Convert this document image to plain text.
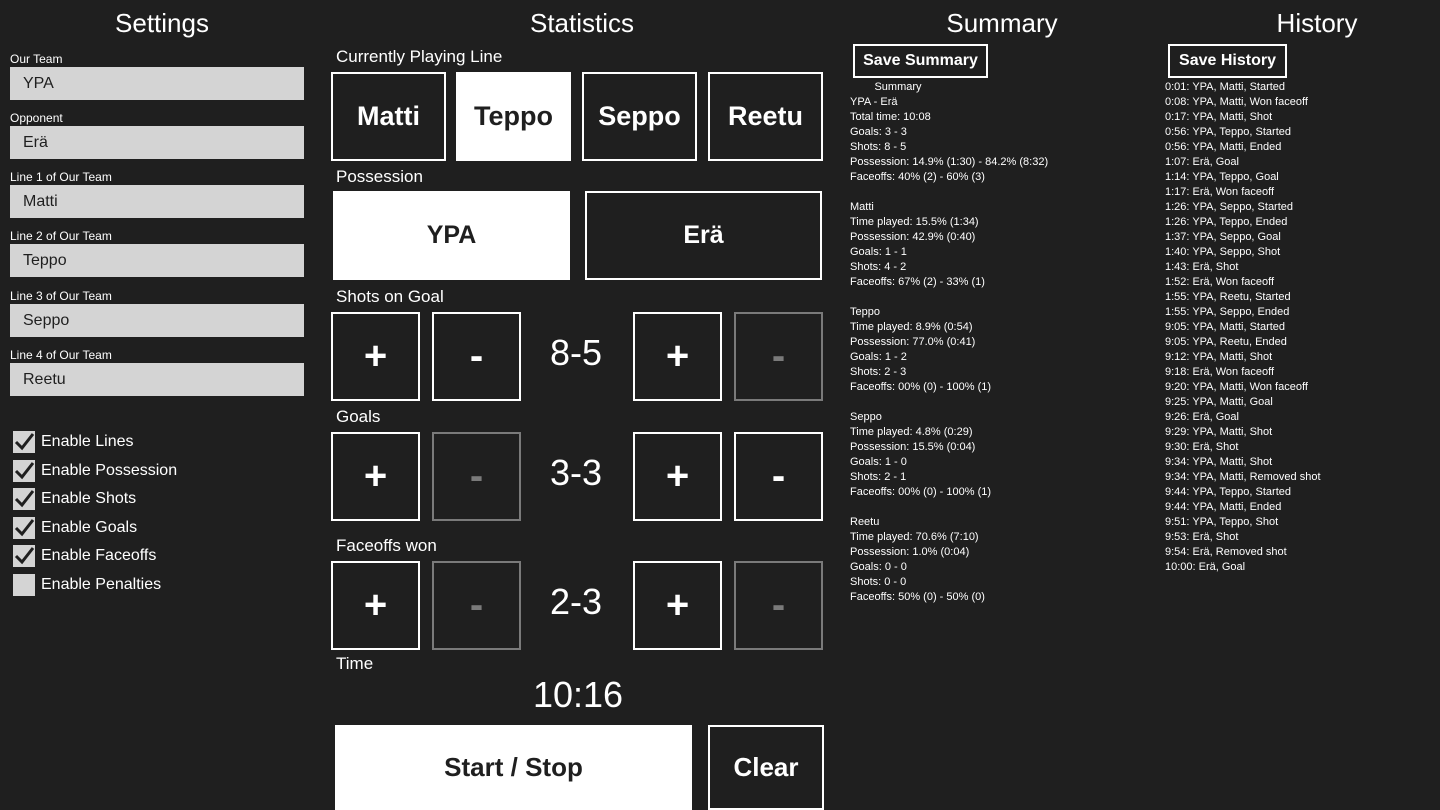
Settings	Statistics	Summary	History
Our Team
YPA
Opponent
Erä
Line 1 of Our Team
Matti
Line 2 of Our Team
Teppo
Line 3 of Our Team
Seppo
Line 4 of Our Team
Reetu
Enable Lines
Enable Possession
Enable Shots
Enable Goals
Enable Faceoffs
Enable Penalties
Currently Playing Line
Matti	Teppo	Seppo	Reetu
Possession
YPA	Erä
Shots on Goal
+	-	8-5	+	-
Goals
+	-	3-3	+	-
Faceoffs won
+	-	2-3	+	-
Time
10:16
Start / Stop	Clear
Save Summary
Summary
YPA - Erä
Total time: 10:08
Goals: 3 - 3
Shots: 8 - 5
Possession: 14.9% (1:30) - 84.2% (8:32)
Faceoffs: 40% (2) - 60% (3)

Matti
Time played: 15.5% (1:34)
Possession: 42.9% (0:40)
Goals: 1 - 1
Shots: 4 - 2
Faceoffs: 67% (2) - 33% (1)

Teppo
Time played: 8.9% (0:54)
Possession: 77.0% (0:41)
Goals: 1 - 2
Shots: 2 - 3
Faceoffs: 00% (0) - 100% (1)

Seppo
Time played: 4.8% (0:29)
Possession: 15.5% (0:04)
Goals: 1 - 0
Shots: 2 - 1
Faceoffs: 00% (0) - 100% (1)

Reetu
Time played: 70.6% (7:10)
Possession: 1.0% (0:04)
Goals: 0 - 0
Shots: 0 - 0
Faceoffs: 50% (0) - 50% (0)
Save History
0:01: YPA, Matti, Started
0:08: YPA, Matti, Won faceoff
0:17: YPA, Matti, Shot
0:56: YPA, Teppo, Started
0:56: YPA, Matti, Ended
1:07: Erä, Goal
1:14: YPA, Teppo, Goal
1:17: Erä, Won faceoff
1:26: YPA, Seppo, Started
1:26: YPA, Teppo, Ended
1:37: YPA, Seppo, Goal
1:40: YPA, Seppo, Shot
1:43: Erä, Shot
1:52: Erä, Won faceoff
1:55: YPA, Reetu, Started
1:55: YPA, Seppo, Ended
9:05: YPA, Matti, Started
9:05: YPA, Reetu, Ended
9:12: YPA, Matti, Shot
9:18: Erä, Won faceoff
9:20: YPA, Matti, Won faceoff
9:25: YPA, Matti, Goal
9:26: Erä, Goal
9:29: YPA, Matti, Shot
9:30: Erä, Shot
9:34: YPA, Matti, Shot
9:34: YPA, Matti, Removed shot
9:44: YPA, Teppo, Started
9:44: YPA, Matti, Ended
9:51: YPA, Teppo, Shot
9:53: Erä, Shot
9:54: Erä, Removed shot
10:00: Erä, Goal
